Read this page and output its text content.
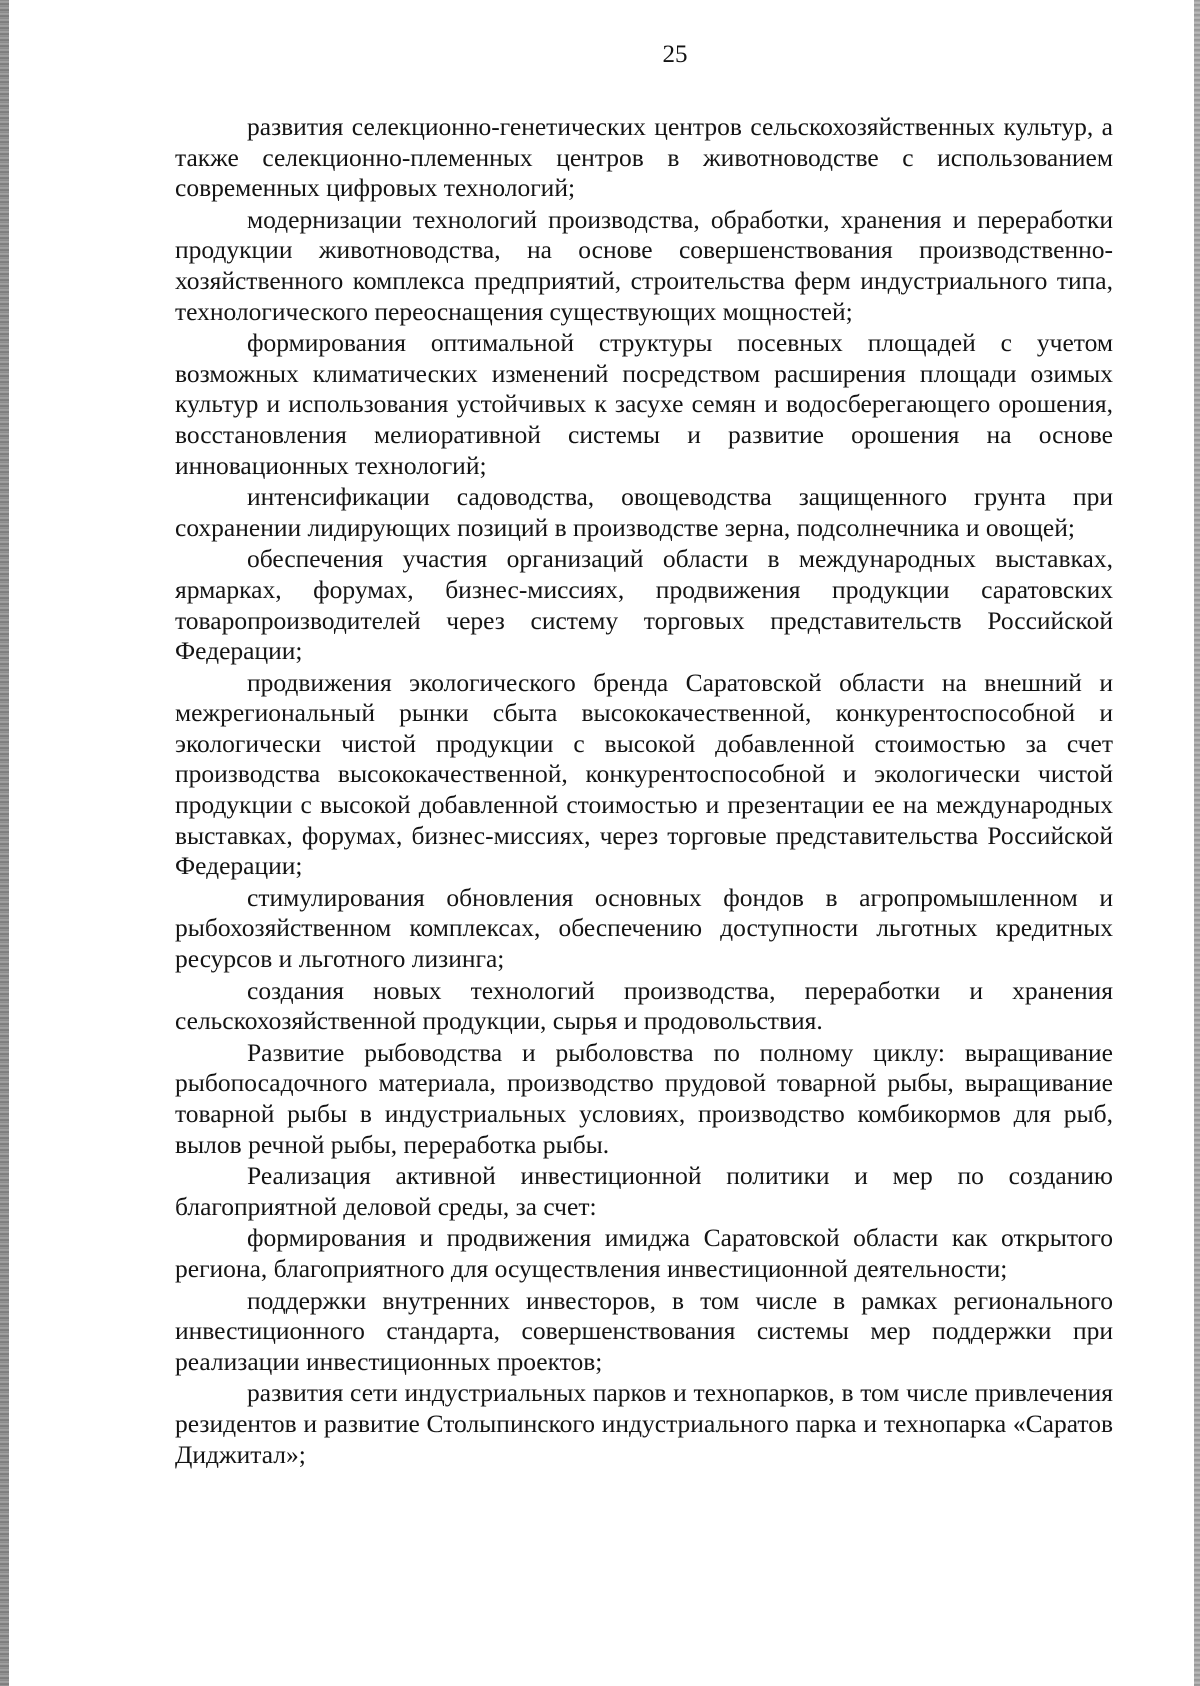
25

развития селекционно-генетических центров сельскохозяйственных культур, а также селекционно-племенных центров в животноводстве с использованием современных цифровых технологий;

модернизации технологий производства, обработки, хранения и переработки продукции животноводства, на основе совершенствования производственно-хозяйственного комплекса предприятий, строительства ферм индустриального типа, технологического переоснащения существующих мощностей;

формирования оптимальной структуры посевных площадей с учетом возможных климатических изменений посредством расширения площади озимых культур и использования устойчивых к засухе семян и водосберегающего орошения, восстановления мелиоративной системы и развитие орошения на основе инновационных технологий;

интенсификации садоводства, овощеводства защищенного грунта при сохранении лидирующих позиций в производстве зерна, подсолнечника и овощей;

обеспечения участия организаций области в международных выставках, ярмарках, форумах, бизнес-миссиях, продвижения продукции саратовских товаропроизводителей через систему торговых представительств Российской Федерации;

продвижения экологического бренда Саратовской области на внешний и межрегиональный рынки сбыта высококачественной, конкурентоспособной и экологически чистой продукции с высокой добавленной стоимостью за счет производства высококачественной, конкурентоспособной и экологически чистой продукции с высокой добавленной стоимостью и презентации ее на международных выставках, форумах, бизнес-миссиях, через торговые представительства Российской Федерации;

стимулирования обновления основных фондов в агропромышленном и рыбохозяйственном комплексах, обеспечению доступности льготных кредитных ресурсов и льготного лизинга;

создания новых технологий производства, переработки и хранения сельскохозяйственной продукции, сырья и продовольствия.

Развитие рыбоводства и рыболовства по полному циклу: выращивание рыбопосадочного материала, производство прудовой товарной рыбы, выращивание товарной рыбы в индустриальных условиях, производство комбикормов для рыб, вылов речной рыбы, переработка рыбы.

Реализация активной инвестиционной политики и мер по созданию благоприятной деловой среды, за счет:

формирования и продвижения имиджа Саратовской области как открытого региона, благоприятного для осуществления инвестиционной деятельности;

поддержки внутренних инвесторов, в том числе в рамках регионального инвестиционного стандарта, совершенствования системы мер поддержки при реализации инвестиционных проектов;

развития сети индустриальных парков и технопарков, в том числе привлечения резидентов и развитие Столыпинского индустриального парка и технопарка «Саратов Диджитал»;
